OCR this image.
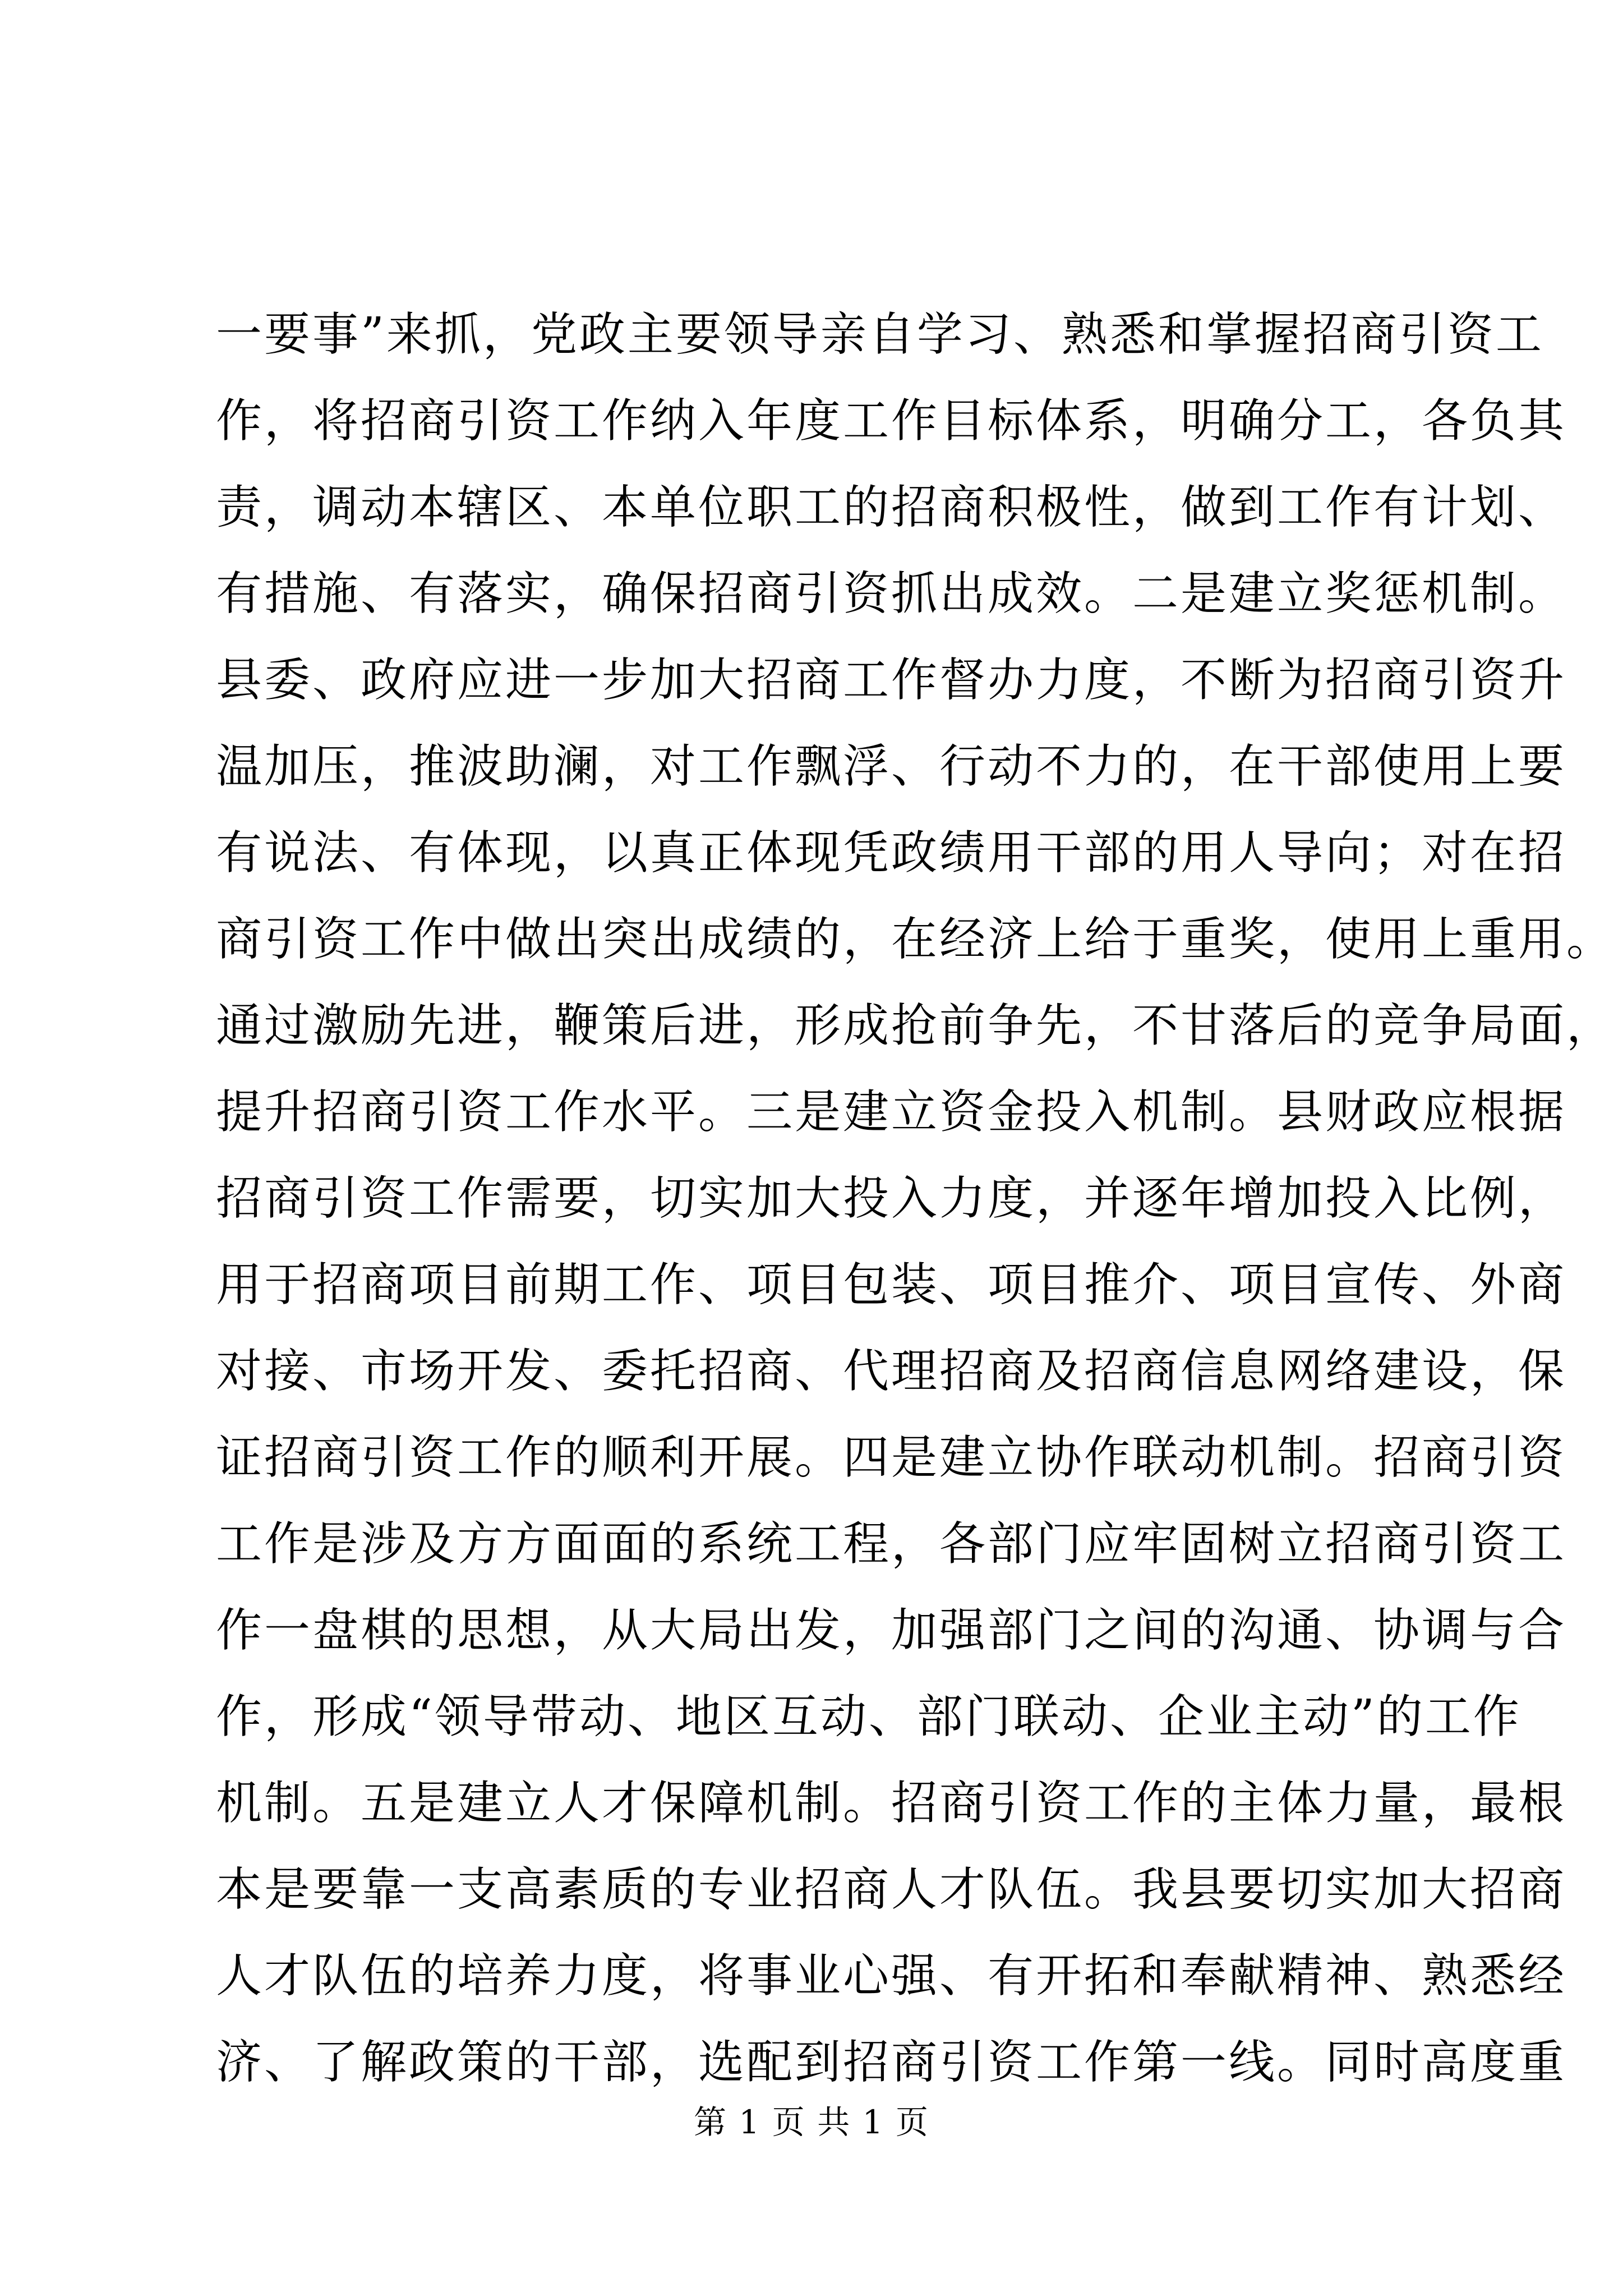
一要事”来抓，党政主要领导亲自学习、熟悉和掌握招商引资工
作，将招商引资工作纳入年度工作目标体系，明确分工，各负其
责，调动本辖区、本单位职工的招商积极性，做到工作有计划、
有措施、有落实，确保招商引资抓出成效。二是建立奖惩机制。
县委、政府应进一步加大招商工作督办力度，不断为招商引资升
温加压，推波助澜，对工作飘浮、行动不力的，在干部使用上要
有说法、有体现，以真正体现凭政绩用干部的用人导向；对在招
商引资工作中做出突出成绩的，在经济上给于重奖，使用上重用。
通过激励先进，鞭策后进，形成抢前争先，不甘落后的竞争局面，
提升招商引资工作水平。三是建立资金投入机制。县财政应根据
招商引资工作需要，切实加大投入力度，并逐年增加投入比例，
用于招商项目前期工作、项目包装、项目推介、项目宣传、外商
对接、市场开发、委托招商、代理招商及招商信息网络建设，保
证招商引资工作的顺利开展。四是建立协作联动机制。招商引资
工作是涉及方方面面的系统工程，各部门应牢固树立招商引资工
作一盘棋的思想，从大局出发，加强部门之间的沟通、协调与合
作，形成“领导带动、地区互动、部门联动、企业主动”的工作
机制。五是建立人才保障机制。招商引资工作的主体力量，最根
本是要靠一支高素质的专业招商人才队伍。我县要切实加大招商
人才队伍的培养力度，将事业心强、有开拓和奉献精神、熟悉经
济、了解政策的干部，选配到招商引资工作第一线。同时高度重
第 1 页 共 1 页
